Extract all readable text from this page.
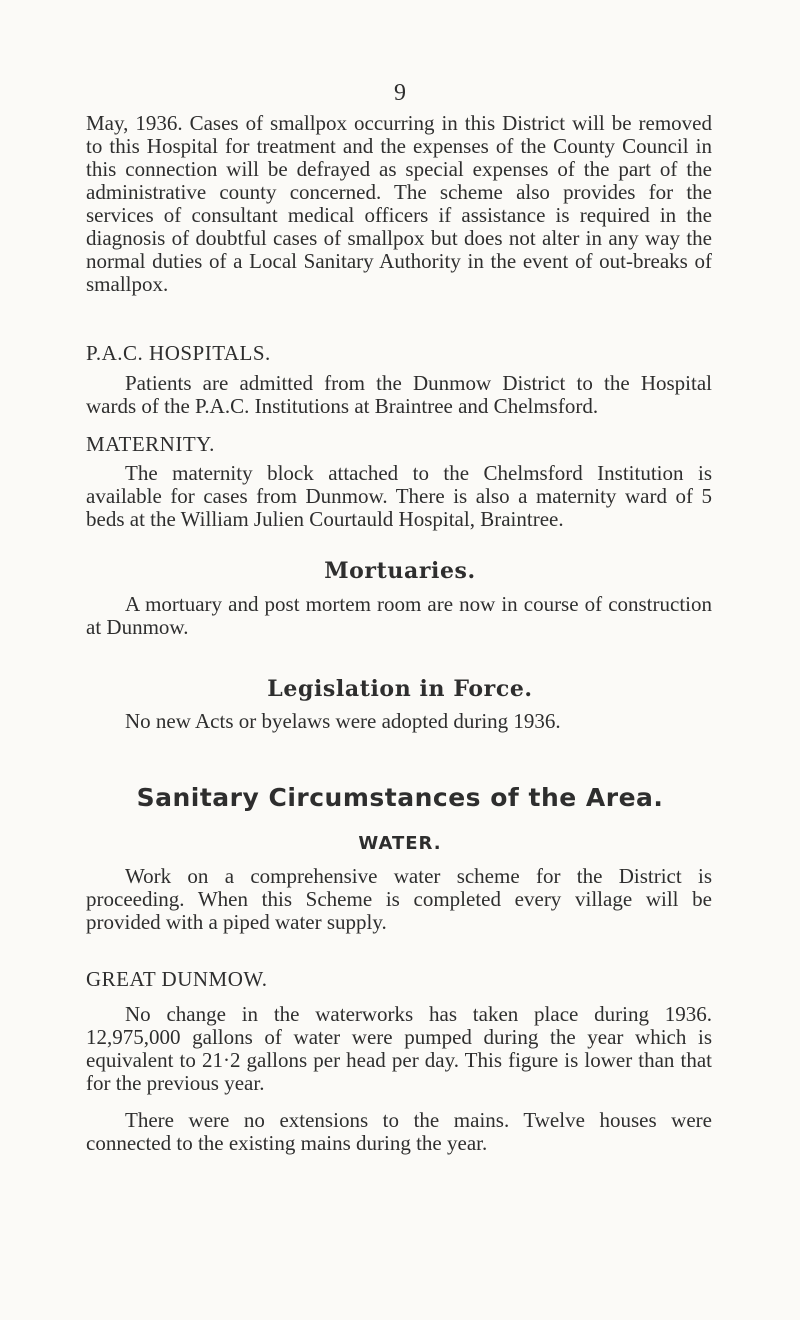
9

May, 1936. Cases of smallpox occurring in this District will be removed to this Hospital for treatment and the expenses of the County Council in this connection will be defrayed as special expenses of the part of the administrative county concerned. The scheme also provides for the services of consultant medical officers if assistance is required in the diagnosis of doubtful cases of smallpox but does not alter in any way the normal duties of a Local Sanitary Authority in the event of out-breaks of smallpox.

P.A.C. HOSPITALS.

Patients are admitted from the Dunmow District to the Hospital wards of the P.A.C. Institutions at Braintree and Chelmsford.

MATERNITY.

The maternity block attached to the Chelmsford Institution is available for cases from Dunmow. There is also a maternity ward of 5 beds at the William Julien Courtauld Hospital, Braintree.

Mortuaries.

A mortuary and post mortem room are now in course of construction at Dunmow.

Legislation in Force.

No new Acts or byelaws were adopted during 1936.

Sanitary Circumstances of the Area.
WATER.

Work on a comprehensive water scheme for the District is proceeding. When this Scheme is completed every village will be provided with a piped water supply.

GREAT DUNMOW.

No change in the waterworks has taken place during 1936. 12,975,000 gallons of water were pumped during the year which is equivalent to 21·2 gallons per head per day. This figure is lower than that for the previous year.

There were no extensions to the mains. Twelve houses were connected to the existing mains during the year.
